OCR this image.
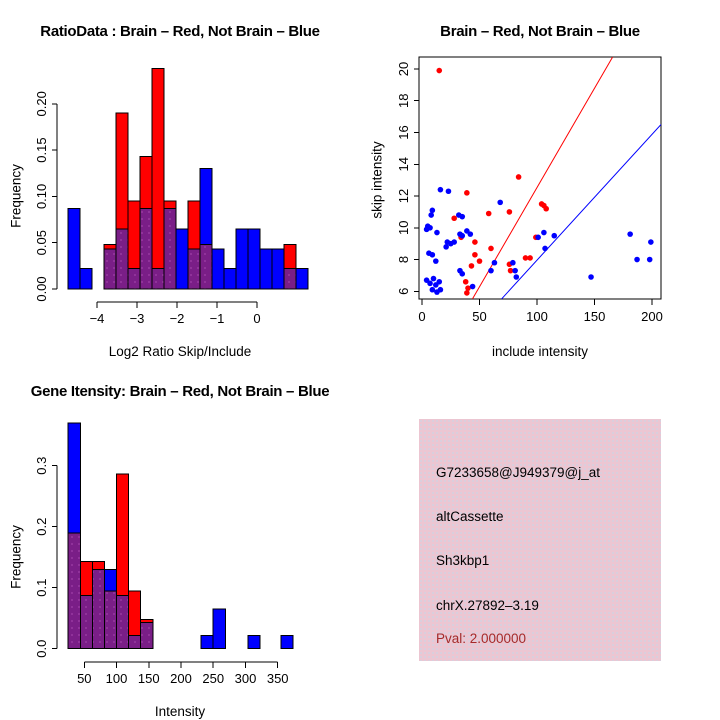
0.00
0.05
0.10
0.15
0.20
−4 −3 −2 −1 0
RatioData : Brain – Red, Not Brain – Blue
Log2 Ratio Skip/Include
Frequency
0	50	100	150	200
6
8
10
12
14
16
18
20
Brain – Red, Not Brain – Blue
include intensity
skip intensity
0.0
0.1
0.2
0.3
50 100 150 200 250 300 350
Gene Itensity: Brain – Red, Not Brain – Blue
Intensity
Frequency
G7233658@J949379@j_at
altCassette
Sh3kbp1
chrX.27892–3.19
Pval: 2.000000
